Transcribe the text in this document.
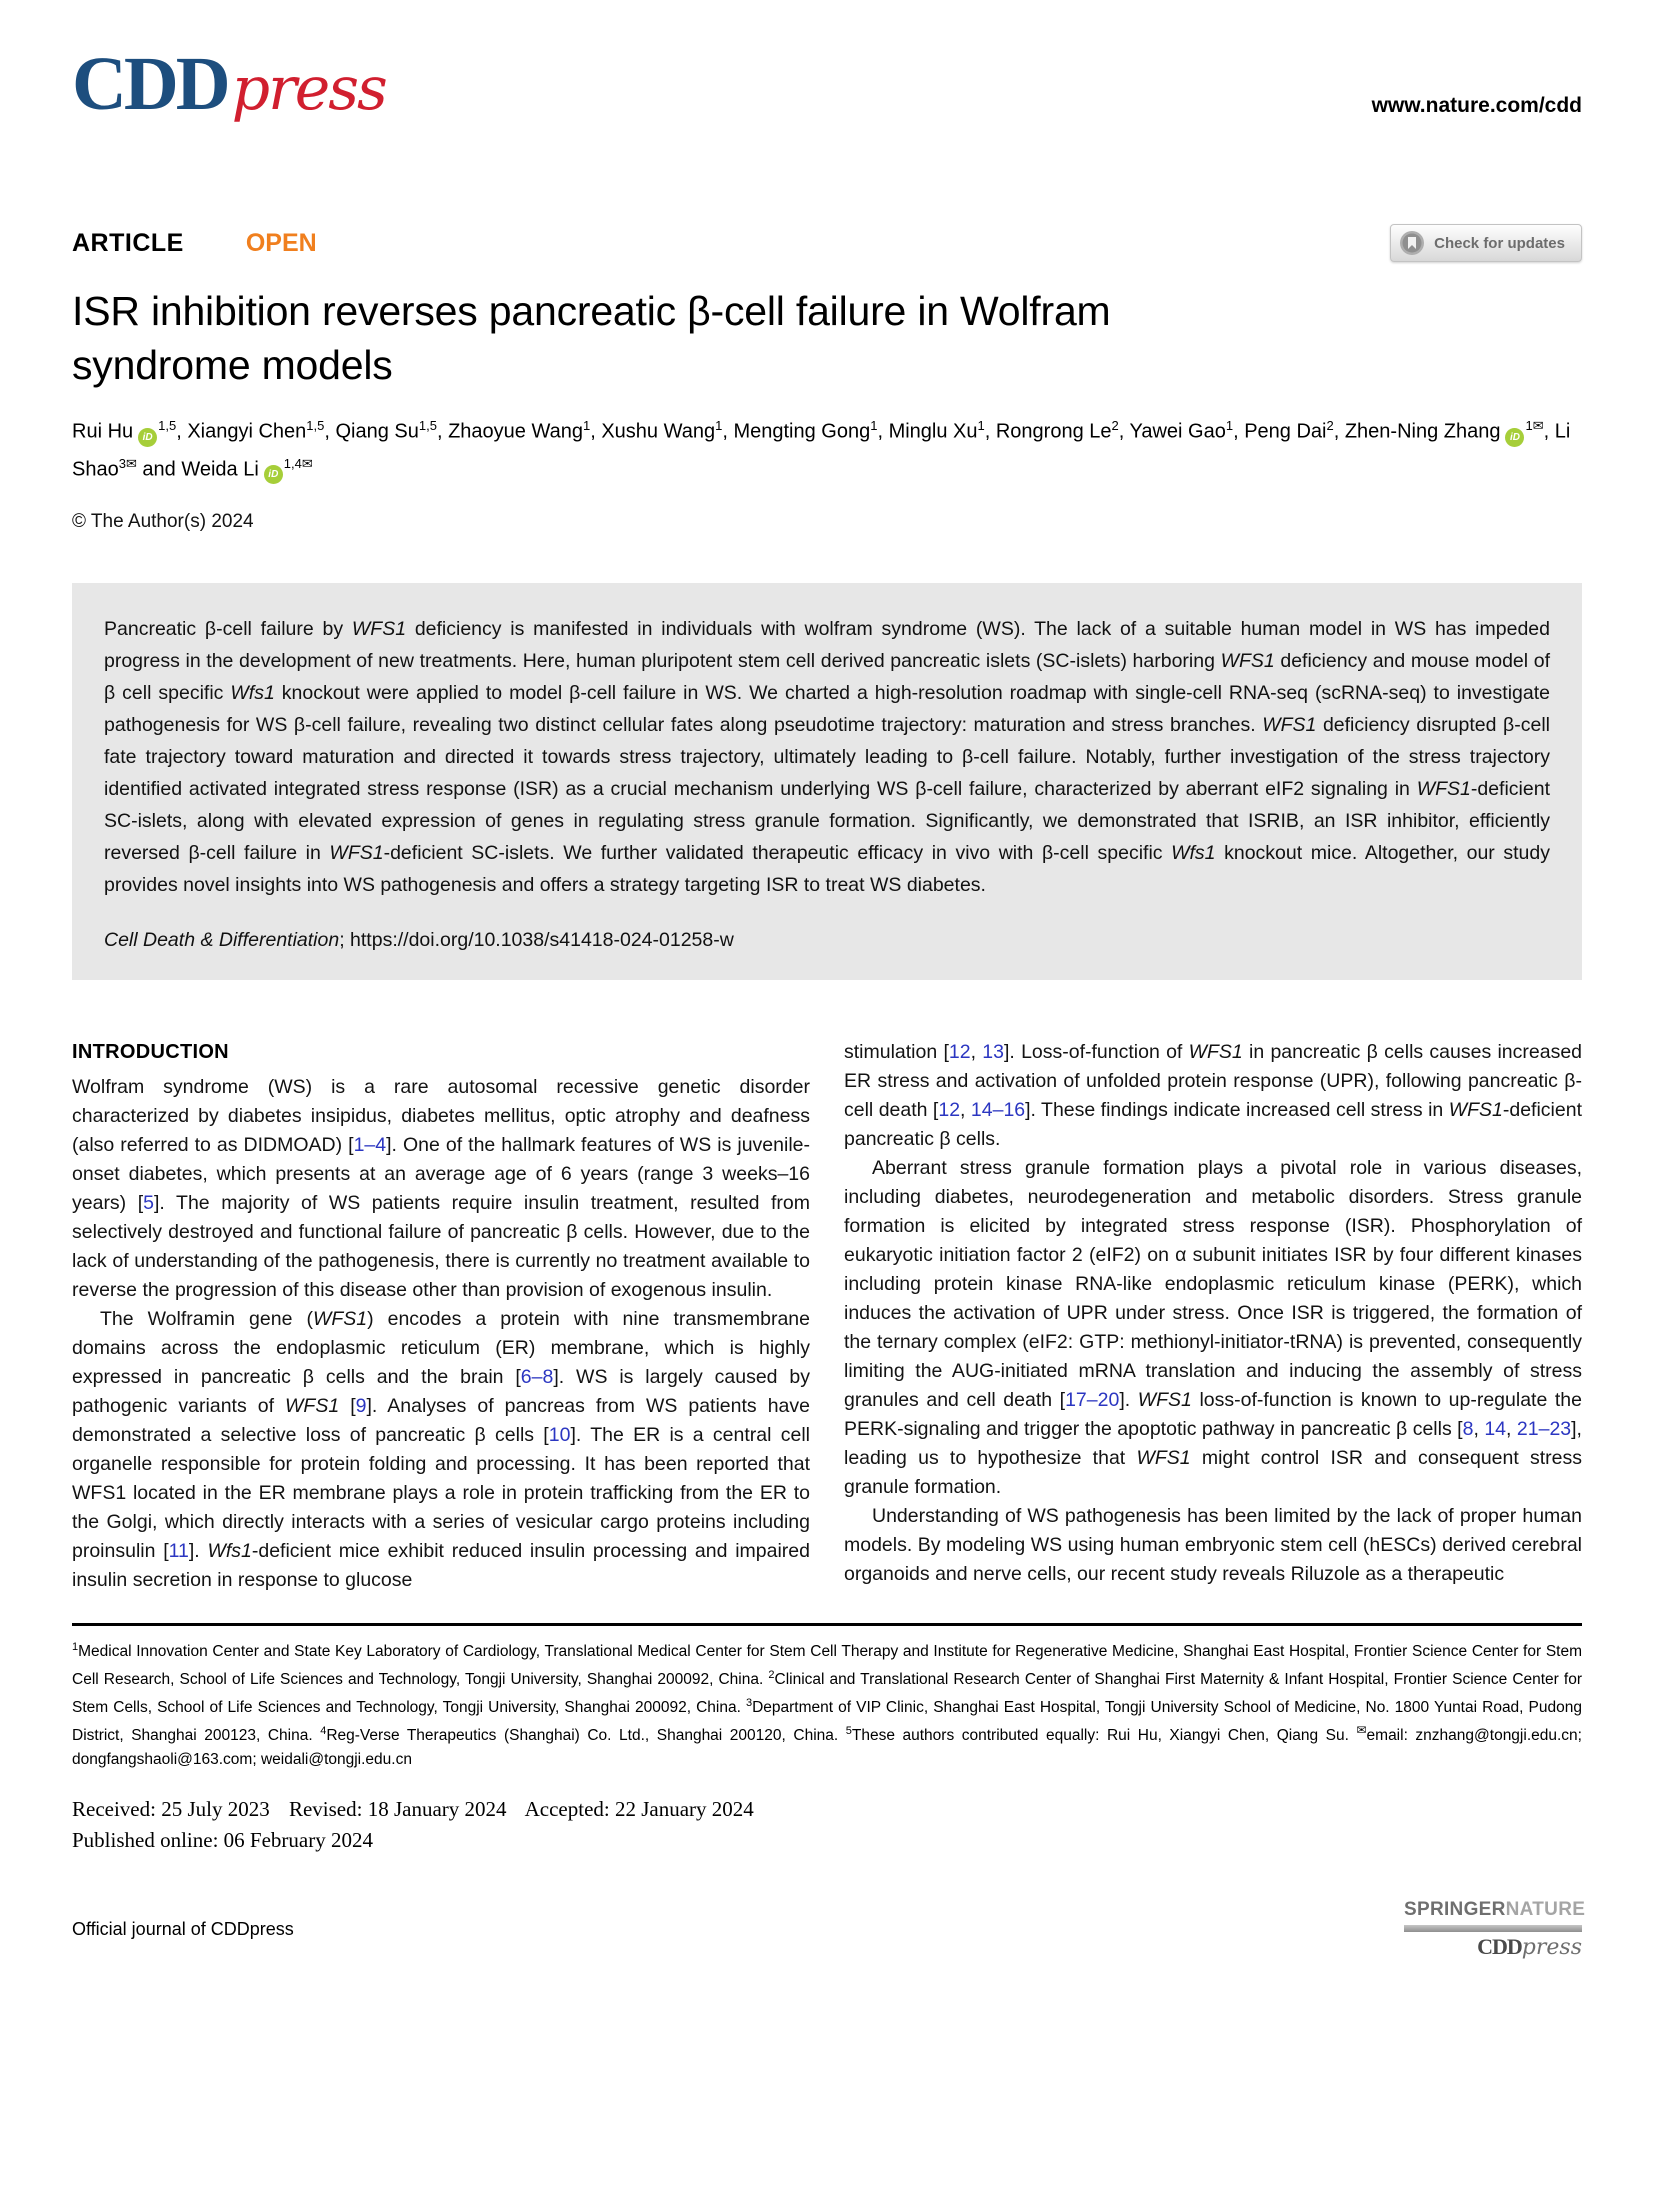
CDD press	www.nature.com/cdd
ARTICLE OPEN	Check for updates
ISR inhibition reverses pancreatic β-cell failure in Wolfram
syndrome models
Rui Hu iD$^{1,5}$, Xiangyi Chen$^{1,5}$, Qiang Su$^{1,5}$, Zhaoyue Wang$^1$, Xushu Wang$^1$, Mengting Gong$^1$, Minglu Xu$^1$, Rongrong Le$^2$, Yawei Gao$^1$, Peng Dai$^2$, Zhen-Ning Zhang $iD^{1✉}$, Li Shao$^{3✉}$ and Weida Li $iD^{1,4✉}$
© The Author(s) 2024
Pancreatic β-cell failure by WFS1 deficiency is manifested in individuals with wolfram syndrome (WS). The lack of a suitable human model in WS has impeded progress in the development of new treatments. Here, human pluripotent stem cell derived pancreatic islets (SC-islets) harboring WFS1 deficiency and mouse model of β cell specific Wfs1 knockout were applied to model β-cell failure in WS. We charted a high-resolution roadmap with single-cell RNA-seq (scRNA-seq) to investigate pathogenesis for WS β-cell failure, revealing two distinct cellular fates along pseudotime trajectory: maturation and stress branches. WFS1 deficiency disrupted β-cell fate trajectory toward maturation and directed it towards stress trajectory, ultimately leading to β-cell failure. Notably, further investigation of the stress trajectory identified activated integrated stress response (ISR) as a crucial mechanism underlying WS β-cell failure, characterized by aberrant eIF2 signaling in WFS1-deficient SC-islets, along with elevated expression of genes in regulating stress granule formation. Significantly, we demonstrated that ISRIB, an ISR inhibitor, efficiently reversed β-cell failure in WFS1-deficient SC-islets. We further validated therapeutic efficacy in vivo with β-cell specific Wfs1 knockout mice. Altogether, our study provides novel insights into WS pathogenesis and offers a strategy targeting ISR to treat WS diabetes.
Cell Death & Differentiation; https://doi.org/10.1038/s41418-024-01258-w
INTRODUCTION

Wolfram syndrome (WS) is a rare autosomal recessive genetic disorder characterized by diabetes insipidus, diabetes mellitus, optic atrophy and deafness (also referred to as DIDMOAD) [1–4]. One of the hallmark features of WS is juvenile-onset diabetes, which presents at an average age of 6 years (range 3 weeks–16 years) [5]. The majority of WS patients require insulin treatment, resulted from selectively destroyed and functional failure of pancreatic β cells. However, due to the lack of understanding of the pathogenesis, there is currently no treatment available to reverse the progression of this disease other than provision of exogenous insulin.

The Wolframin gene (WFS1) encodes a protein with nine transmembrane domains across the endoplasmic reticulum (ER) membrane, which is highly expressed in pancreatic β cells and the brain [6–8]. WS is largely caused by pathogenic variants of WFS1 [9]. Analyses of pancreas from WS patients have demonstrated a selective loss of pancreatic β cells [10]. The ER is a central cell organelle responsible for protein folding and processing. It has been reported that WFS1 located in the ER membrane plays a role in protein trafficking from the ER to the Golgi, which directly interacts with a series of vesicular cargo proteins including proinsulin [11]. Wfs1-deficient mice exhibit reduced insulin processing and impaired insulin secretion in response to glucose

stimulation [12, 13]. Loss-of-function of WFS1 in pancreatic β cells causes increased ER stress and activation of unfolded protein response (UPR), following pancreatic β-cell death [12, 14–16]. These findings indicate increased cell stress in WFS1-deficient pancreatic β cells.

Aberrant stress granule formation plays a pivotal role in various diseases, including diabetes, neurodegeneration and metabolic disorders. Stress granule formation is elicited by integrated stress response (ISR). Phosphorylation of eukaryotic initiation factor 2 (eIF2) on α subunit initiates ISR by four different kinases including protein kinase RNA-like endoplasmic reticulum kinase (PERK), which induces the activation of UPR under stress. Once ISR is triggered, the formation of the ternary complex (eIF2: GTP: methionyl-initiator-tRNA) is prevented, consequently limiting the AUG-initiated mRNA translation and inducing the assembly of stress granules and cell death [17–20]. WFS1 loss-of-function is known to up-regulate the PERK-signaling and trigger the apoptotic pathway in pancreatic β cells [8, 14, 21–23], leading us to hypothesize that WFS1 might control ISR and consequent stress granule formation.

Understanding of WS pathogenesis has been limited by the lack of proper human models. By modeling WS using human embryonic stem cell (hESCs) derived cerebral organoids and nerve cells, our recent study reveals Riluzole as a therapeutic

$^1$Medical Innovation Center and State Key Laboratory of Cardiology, Translational Medical Center for Stem Cell Therapy and Institute for Regenerative Medicine, Shanghai East Hospital, Frontier Science Center for Stem Cell Research, School of Life Sciences and Technology, Tongji University, Shanghai 200092, China. $^2$Clinical and Translational Research Center of Shanghai First Maternity & Infant Hospital, Frontier Science Center for Stem Cells, School of Life Sciences and Technology, Tongji University, Shanghai 200092, China. $^3$Department of VIP Clinic, Shanghai East Hospital, Tongji University School of Medicine, No. 1800 Yuntai Road, Pudong District, Shanghai 200123, China. $^4$Reg-Verse Therapeutics (Shanghai) Co. Ltd., Shanghai 200120, China. $^5$These authors contributed equally: Rui Hu, Xiangyi Chen, Qiang Su. ✉email: znzhang@tongji.edu.cn; dongfangshaoli@163.com; weidali@tongji.edu.cn
Received: 25 July 2023 Revised: 18 January 2024 Accepted: 22 January 2024
Published online: 06 February 2024
Official journal of CDDpress
SPRINGERNATURE
CDDpress
